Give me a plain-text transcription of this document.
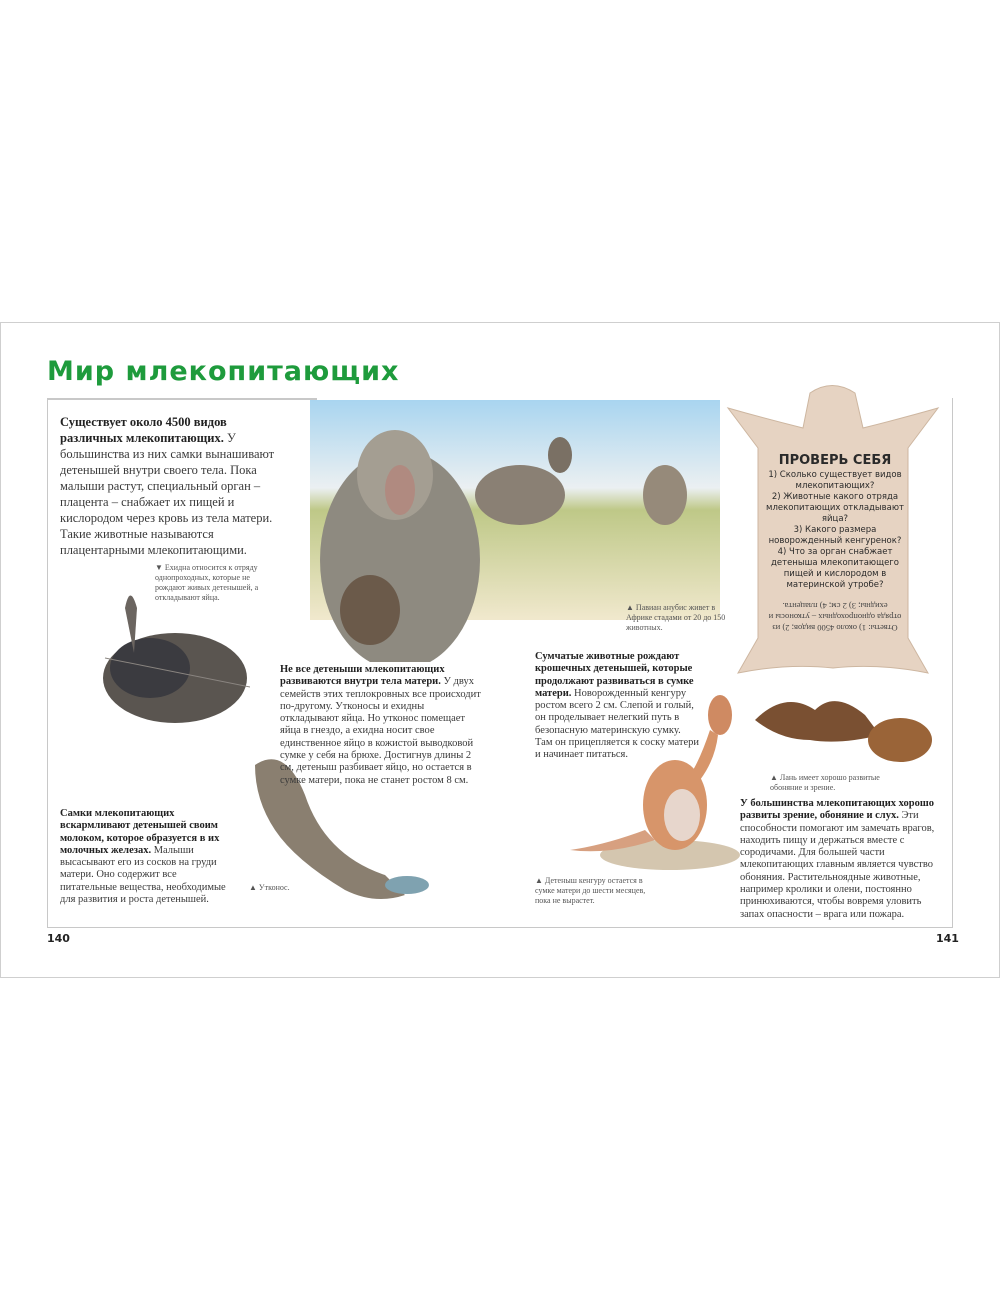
Мир млекопитающих
Существует около 4500 видов различных млекопитающих. У большинства из них самки вынашивают детенышей внутри своего тела. Пока малыши растут, специальный орган – плацента – снабжает их пищей и кислородом через кровь из тела матери. Такие животные называются плацентарными млекопитающими.
▼ Ехидна относится к отряду однопроходных, которые не рождают живых детенышей, а откладывают яйца.
▲ Павиан анубис живет в Африке стадами от 20 до 150 животных.
Не все детеныши млекопитающих развиваются внутри тела матери. У двух семейств этих теплокровных все происходит по-другому. Утконосы и ехидны откладывают яйца. Но утконос помещает яйца в гнездо, а ехидна носит свое единственное яйцо в кожистой выводковой сумке у себя на брюхе. Достигнув длины 2 см, детеныш разбивает яйцо, но остается в сумке матери, пока не станет ростом 8 см.
Сумчатые животные рождают крошечных детенышей, которые продолжают развиваться в сумке матери. Новорожденный кенгуру ростом всего 2 см. Слепой и голый, он проделывает нелегкий путь в безопасную материнскую сумку. Там он прицепляется к соску матери и начинает питаться.
▲ Утконос.
Самки млекопитающих вскармливают детенышей своим молоком, которое образуется в их молочных железах. Малыши высасывают его из сосков на груди матери. Оно содержит все питательные вещества, необходимые для развития и роста детенышей.
▲ Детеныш кенгуру остается в сумке матери до шести месяцев, пока не вырастет.
ПРОВЕРЬ СЕБЯ
1) Сколько существует видов млекопитающих?
2) Животные какого отряда млекопитающих откладывают яйца?
3) Какого размера новорожденный кенгуренок?
4) Что за орган снабжает детеныша млекопитающего пищей и кислородом в материнской утробе?
Ответы: 1) около 4500 видов; 2) из отряда однопроходных – утконосы и ехидны; 3) 2 см; 4) плацента.
▲ Лань имеет хорошо развитые обоняние и зрение.
У большинства млекопитающих хорошо развиты зрение, обоняние и слух. Эти способности помогают им замечать врагов, находить пищу и держаться вместе с сородичами. Для большей части млекопитающих главным является чувство обоняния. Растительноядные животные, например кролики и олени, постоянно принюхиваются, чтобы вовремя уловить запах опасности – врага или пожара.
140	141
